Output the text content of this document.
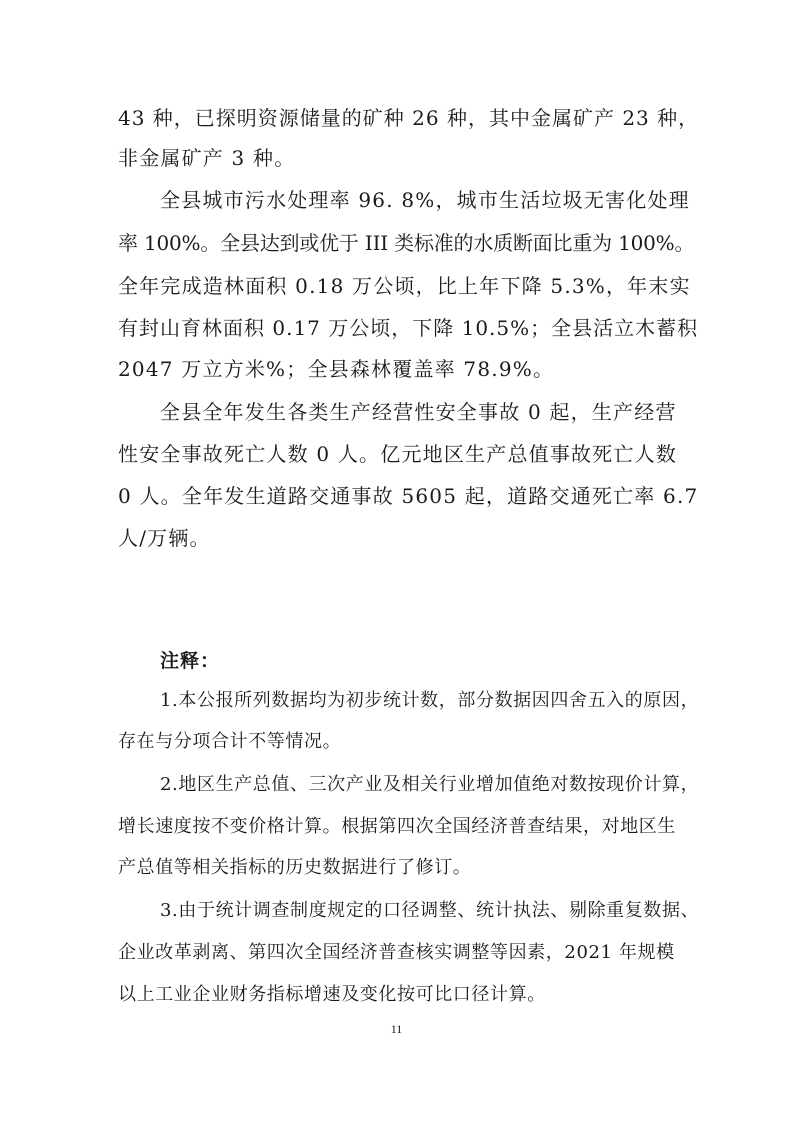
43 种，已探明资源储量的矿种 26 种，其中金属矿产 23 种，
非金属矿产 3 种。
全县城市污水处理率 96. 8%，城市生活垃圾无害化处理
率 100%。全县达到或优于 III 类标准的水质断面比重为 100%。
全年完成造林面积 0.18 万公顷，比上年下降 5.3%，年末实
有封山育林面积 0.17 万公顷，下降 10.5%；全县活立木蓄积
2047 万立方米%；全县森林覆盖率 78.9%。
全县全年发生各类生产经营性安全事故 0 起，生产经营
性安全事故死亡人数 0 人。亿元地区生产总值事故死亡人数
0 人。全年发生道路交通事故 5605 起，道路交通死亡率 6.7
人/万辆。
注释：
1.本公报所列数据均为初步统计数，部分数据因四舍五入的原因，
存在与分项合计不等情况。
2.地区生产总值、三次产业及相关行业增加值绝对数按现价计算，
增长速度按不变价格计算。根据第四次全国经济普查结果，对地区生
产总值等相关指标的历史数据进行了修订。
3.由于统计调查制度规定的口径调整、统计执法、剔除重复数据、
企业改革剥离、第四次全国经济普查核实调整等因素，2021 年规模
以上工业企业财务指标增速及变化按可比口径计算。
11
